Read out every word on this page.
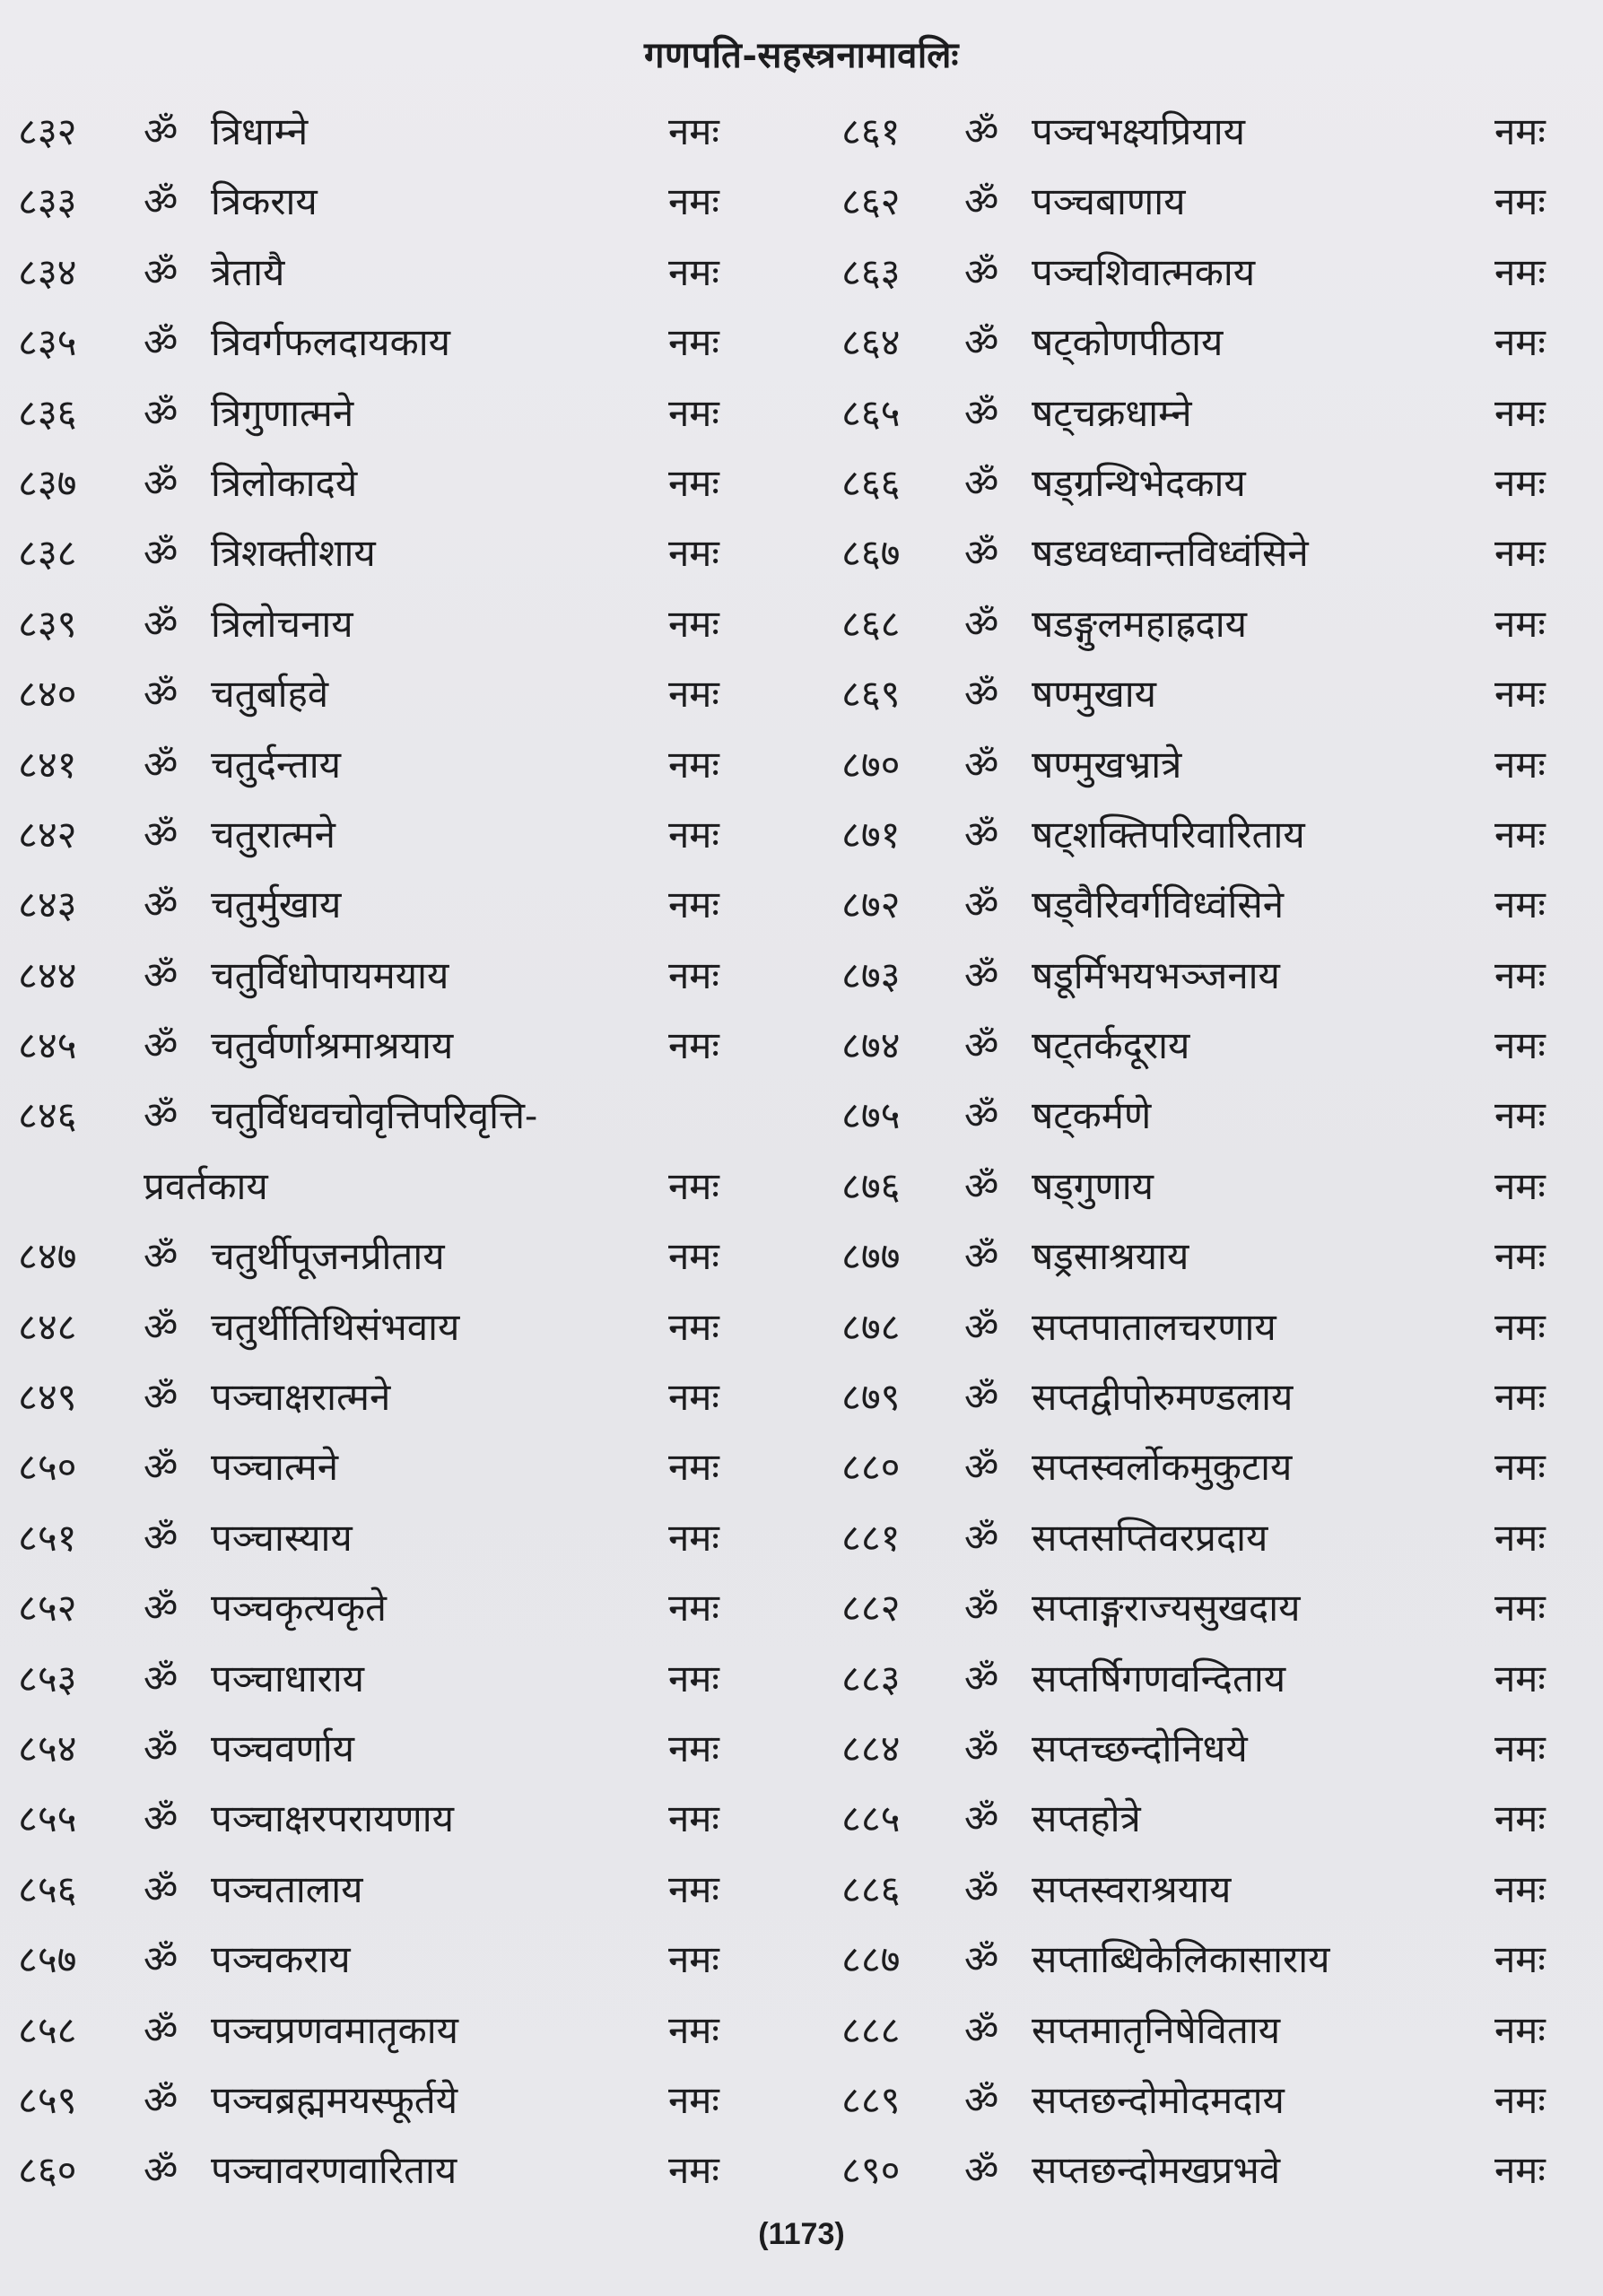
गणपति-सहस्त्रनामावलिः
८३२ ॐ त्रिधाम्ने	नमः
८३३ ॐ त्रिकराय	नमः
८३४ ॐ त्रेतायै	नमः
८३५ ॐ त्रिवर्गफलदायकाय	नमः
८३६ ॐ त्रिगुणात्मने	नमः
८३७ ॐ त्रिलोकादये	नमः
८३८ ॐ त्रिशक्तीशाय	नमः
८३९ ॐ त्रिलोचनाय	नमः
८४० ॐ चतुर्बाहवे	नमः
८४१ ॐ चतुर्दन्ताय	नमः
८४२ ॐ चतुरात्मने	नमः
८४३ ॐ चतुर्मुखाय	नमः
८४४ ॐ चतुर्विधोपायमयाय	नमः
८४५ ॐ चतुर्वर्णाश्रमाश्रयाय	नमः
८४६ ॐ चतुर्विधवचोवृत्तिपरिवृत्ति-
प्रवर्तकाय	नमः
८४७ ॐ चतुर्थीपूजनप्रीताय	नमः
८४८ ॐ चतुर्थीतिथिसंभवाय	नमः
८४९ ॐ पञ्चाक्षरात्मने	नमः
८५० ॐ पञ्चात्मने	नमः
८५१ ॐ पञ्चास्याय	नमः
८५२ ॐ पञ्चकृत्यकृते	नमः
८५३ ॐ पञ्चाधाराय	नमः
८५४ ॐ पञ्चवर्णाय	नमः
८५५ ॐ पञ्चाक्षरपरायणाय	नमः
८५६ ॐ पञ्चतालाय	नमः
८५७ ॐ पञ्चकराय	नमः
८५८ ॐ पञ्चप्रणवमातृकाय	नमः
८५९ ॐ पञ्चब्रह्ममयस्फूर्तये	नमः
८६० ॐ पञ्चावरणवारिताय	नमः
८६१ ॐ पञ्चभक्ष्यप्रियाय	नमः
८६२ ॐ पञ्चबाणाय	नमः
८६३ ॐ पञ्चशिवात्मकाय	नमः
८६४ ॐ षट्कोणपीठाय	नमः
८६५ ॐ षट्चक्रधाम्ने	नमः
८६६ ॐ षड्ग्रन्थिभेदकाय	नमः
८६७ ॐ षडध्वध्वान्तविध्वंसिने	नमः
८६८ ॐ षडङ्गुलमहाह्रदाय	नमः
८६९ ॐ षण्मुखाय	नमः
८७० ॐ षण्मुखभ्रात्रे	नमः
८७१ ॐ षट्शक्तिपरिवारिताय	नमः
८७२ ॐ षड्वैरिवर्गविध्वंसिने	नमः
८७३ ॐ षडूर्मिभयभञ्जनाय	नमः
८७४ ॐ षट्तर्कदूराय	नमः
८७५ ॐ षट्कर्मणे	नमः
८७६ ॐ षड्गुणाय	नमः
८७७ ॐ षड्रसाश्रयाय	नमः
८७८ ॐ सप्तपातालचरणाय	नमः
८७९ ॐ सप्तद्वीपोरुमण्डलाय	नमः
८८० ॐ सप्तस्वर्लोकमुकुटाय	नमः
८८१ ॐ सप्तसप्तिवरप्रदाय	नमः
८८२ ॐ सप्ताङ्गराज्यसुखदाय	नमः
८८३ ॐ सप्तर्षिगणवन्दिताय	नमः
८८४ ॐ सप्तच्छन्दोनिधये	नमः
८८५ ॐ सप्तहोत्रे	नमः
८८६ ॐ सप्तस्वराश्रयाय	नमः
८८७ ॐ सप्ताब्धिकेलिकासाराय	नमः
८८८ ॐ सप्तमातृनिषेविताय	नमः
८८९ ॐ सप्तछन्दोमोदमदाय	नमः
८९० ॐ सप्तछन्दोमखप्रभवे	नमः
(1173)
